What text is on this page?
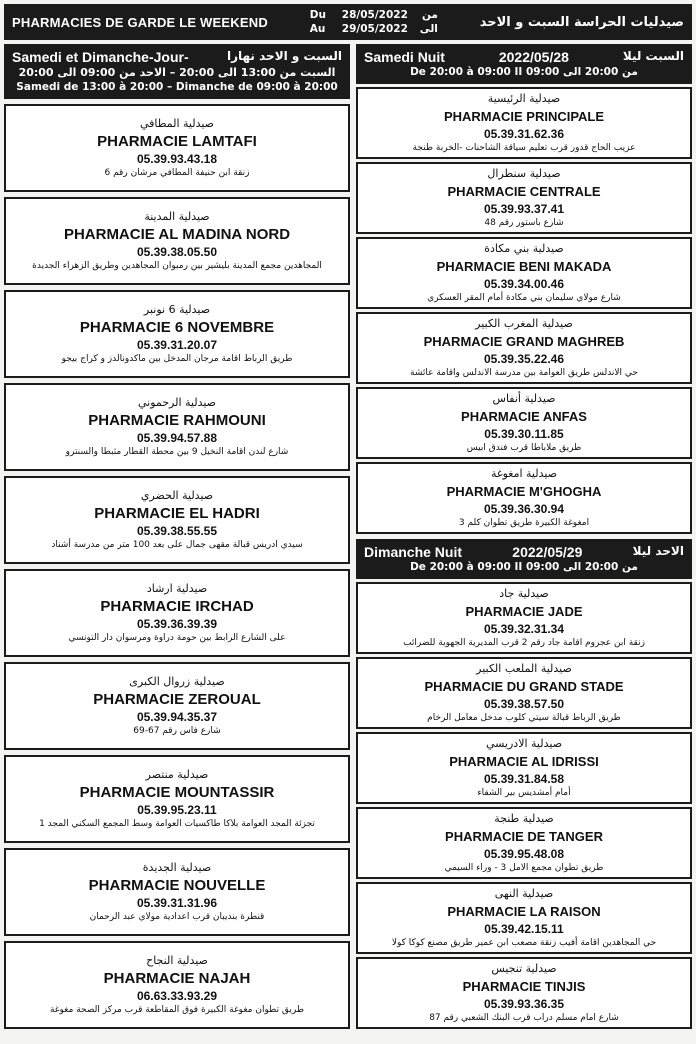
PHARMACIES DE GARDE LE WEEKEND	Du	28/05/2022	من
Au	29/05/2022 الى	صيدليات الحراسة السبت و الاحد
Samedi et Dimanche-Jour-	السبت و الاحد نهارا
السبت من 13:00 الى 20:00 – الاحد من 09:00 الى 20:00
Samedi de 13:00 à 20:00 – Dimanche de 09:00 à 20:00
صيدلية المطافي
PHARMACIE LAMTAFI
05.39.93.43.18
زنقة ابن حنيفة المطافي مرشان رقم 6
صيدلية المدينة
PHARMACIE AL MADINA NORD
05.39.38.05.50
المجاهدين مجمع المدينة بليشير بين رمبوان المجاهدين وطريق الزهراء الجديدة
صيدلية 6 نونبر
PHARMACIE 6 NOVEMBRE
05.39.31.20.07
طريق الرباط اقامة مرجان المدخل بين ماكدونالدز و كراج بيجو
صيدلية الرحموني
PHARMACIE RAHMOUNI
05.39.94.57.88
شارع لندن اقامة النخيل 9 بين محطة القطار مثبطا والسنترو
صيدلية الحضري
PHARMACIE EL HADRI
05.39.38.55.55
سيدي ادريس قبالة مقهى جمال على بعد 100 متر من مدرسة أشناد
صيدلية ارشاد
PHARMACIE IRCHAD
05.39.36.39.39
على الشارع الرابط بين حومة دراوة ومرسوان دار التونسي
صيدلية زروال الكبرى
PHARMACIE ZEROUAL
05.39.94.35.37
شارع فاس رقم 67-69
صيدلية منتصر
PHARMACIE MOUNTASSIR
05.39.95.23.11
تجزئة المجد العوامة بلاكا طاكسيات العوامة وسط المجمع السكني المجد 1
صيدلية الجديدة
PHARMACIE NOUVELLE
05.39.31.31.96
قنطرة بنديبان قرب اعدادية مولاي عبد الرحمان
صيدلية النجاح
PHARMACIE NAJAH
06.63.33.93.29
طريق تطوان مغوغة الكبيرة فوق المقاطعة قرب مركز الصحة مغوغة
Samedi Nuit	2022/05/28	السبت ليلا
De 20:00 à 09:00 II من 20:00 الى 09:00
صيدلية الرئيسية
PHARMACIE PRINCIPALE
05.39.31.62.36
عزيب الحاج قدور قرب تعليم سياقة الشاحنات -الخربة طنجة
صيدلية سنطرال
PHARMACIE CENTRALE
05.39.93.37.41
شارع باستور رقم 48
صيدلية بني مكادة
PHARMACIE BENI MAKADA
05.39.34.00.46
شارع مولاي سليمان بني مكادة أمام المقر العسكري
صيدلية المغرب الكبير
PHARMACIE GRAND MAGHREB
05.39.35.22.46
حي الاندلس طريق العوامة بين مدرسة الاندلس واقامة عائشة
صيدلية أنفاس
PHARMACIE ANFAS
05.39.30.11.85
طريق ملاباطا قرب فندق ابيس
صيدلية امغوغة
PHARMACIE M'GHOGHA
05.39.36.30.94
امغوغة الكبيرة طريق تطوان كلم 3
Dimanche Nuit	2022/05/29	الاحد ليلا
De 20:00 à 09:00 II من 20:00 الى 09:00
صيدلية جاد
PHARMACIE JADE
05.39.32.31.34
زنقة ابن عجروم اقامة جاد رقم 2 قرب المديرية الجهوية للضرائب
صيدلية الملعب الكبير
PHARMACIE DU GRAND STADE
05.39.38.57.50
طريق الرباط قبالة سيتي كلوب مدخل معامل الرخام
صيدلية الادريسي
PHARMACIE AL IDRISSI
05.39.31.84.58
أمام أمشديس بير الشفاء
صيدلية طنجة
PHARMACIE DE TANGER
05.39.95.48.08
طريق تطوان مجمع الامل 3 - وراء السيمي
صيدلية النهى
PHARMACIE LA RAISON
05.39.42.15.11
حي المجاهدين اقامة أفيب زنقة مصعب ابن عمير طريق مصنع كوكا كولا
صيدلية تنجيس
PHARMACIE TINJIS
05.39.93.36.35
شارع امام مسلم دراب قرب البنك الشعبي رقم 87
